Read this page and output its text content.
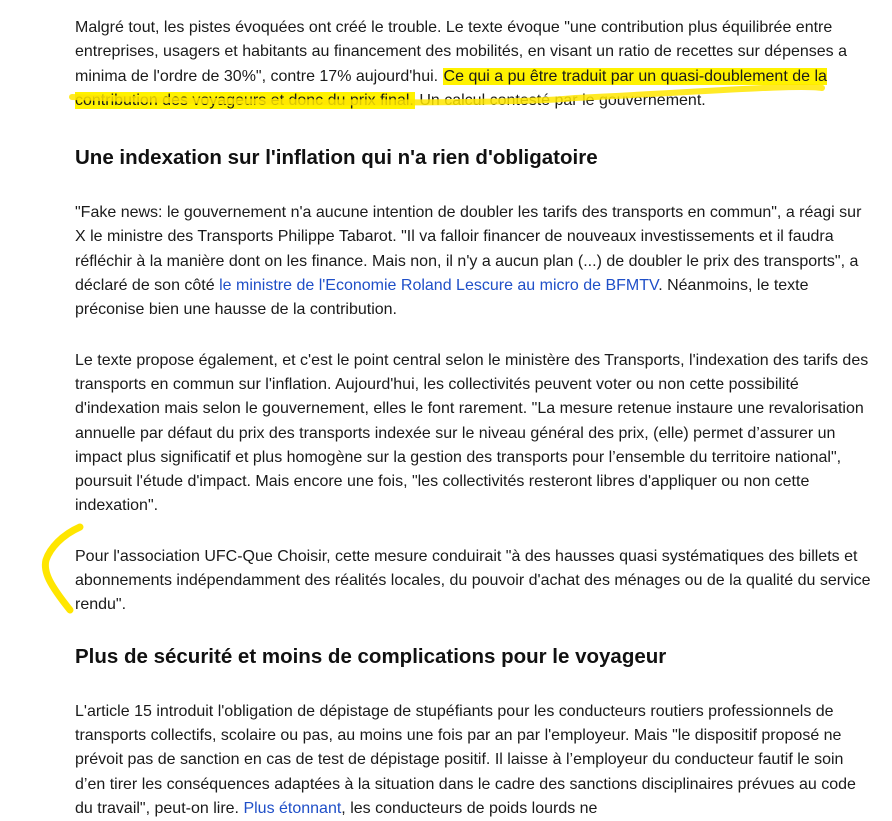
Malgré tout, les pistes évoquées ont créé le trouble. Le texte évoque "une contribution plus équilibrée entre entreprises, usagers et habitants au financement des mobilités, en visant un ratio de recettes sur dépenses a minima de l'ordre de 30%", contre 17% aujourd'hui. Ce qui a pu être traduit par un quasi-doublement de la contribution des voyageurs et donc du prix final. Un calcul contesté par le gouvernement.

Une indexation sur l'inflation qui n'a rien d'obligatoire

"Fake news: le gouvernement n'a aucune intention de doubler les tarifs des transports en commun", a réagi sur X le ministre des Transports Philippe Tabarot. "Il va falloir financer de nouveaux investissements et il faudra réfléchir à la manière dont on les finance. Mais non, il n'y a aucun plan (...) de doubler le prix des transports", a déclaré de son côté le ministre de l'Economie Roland Lescure au micro de BFMTV. Néanmoins, le texte préconise bien une hausse de la contribution.

Le texte propose également, et c'est le point central selon le ministère des Transports, l'indexation des tarifs des transports en commun sur l'inflation. Aujourd'hui, les collectivités peuvent voter ou non cette possibilité d'indexation mais selon le gouvernement, elles le font rarement. "La mesure retenue instaure une revalorisation annuelle par défaut du prix des transports indexée sur le niveau général des prix, (elle) permet d’assurer un impact plus significatif et plus homogène sur la gestion des transports pour l’ensemble du territoire national", poursuit l'étude d'impact. Mais encore une fois, "les collectivités resteront libres d'appliquer ou non cette indexation".

Pour l'association UFC-Que Choisir, cette mesure conduirait "à des hausses quasi systématiques des billets et abonnements indépendamment des réalités locales, du pouvoir d'achat des ménages ou de la qualité du service rendu".

Plus de sécurité et moins de complications pour le voyageur

L'article 15 introduit l'obligation de dépistage de stupéfiants pour les conducteurs routiers professionnels de transports collectifs, scolaire ou pas, au moins une fois par an par l'employeur. Mais "le dispositif proposé ne prévoit pas de sanction en cas de test de dépistage positif. Il laisse à l’employeur du conducteur fautif le soin d’en tirer les conséquences adaptées à la situation dans le cadre des sanctions disciplinaires prévues au code du travail", peut-on lire. Plus étonnant, les conducteurs de poids lourds ne
